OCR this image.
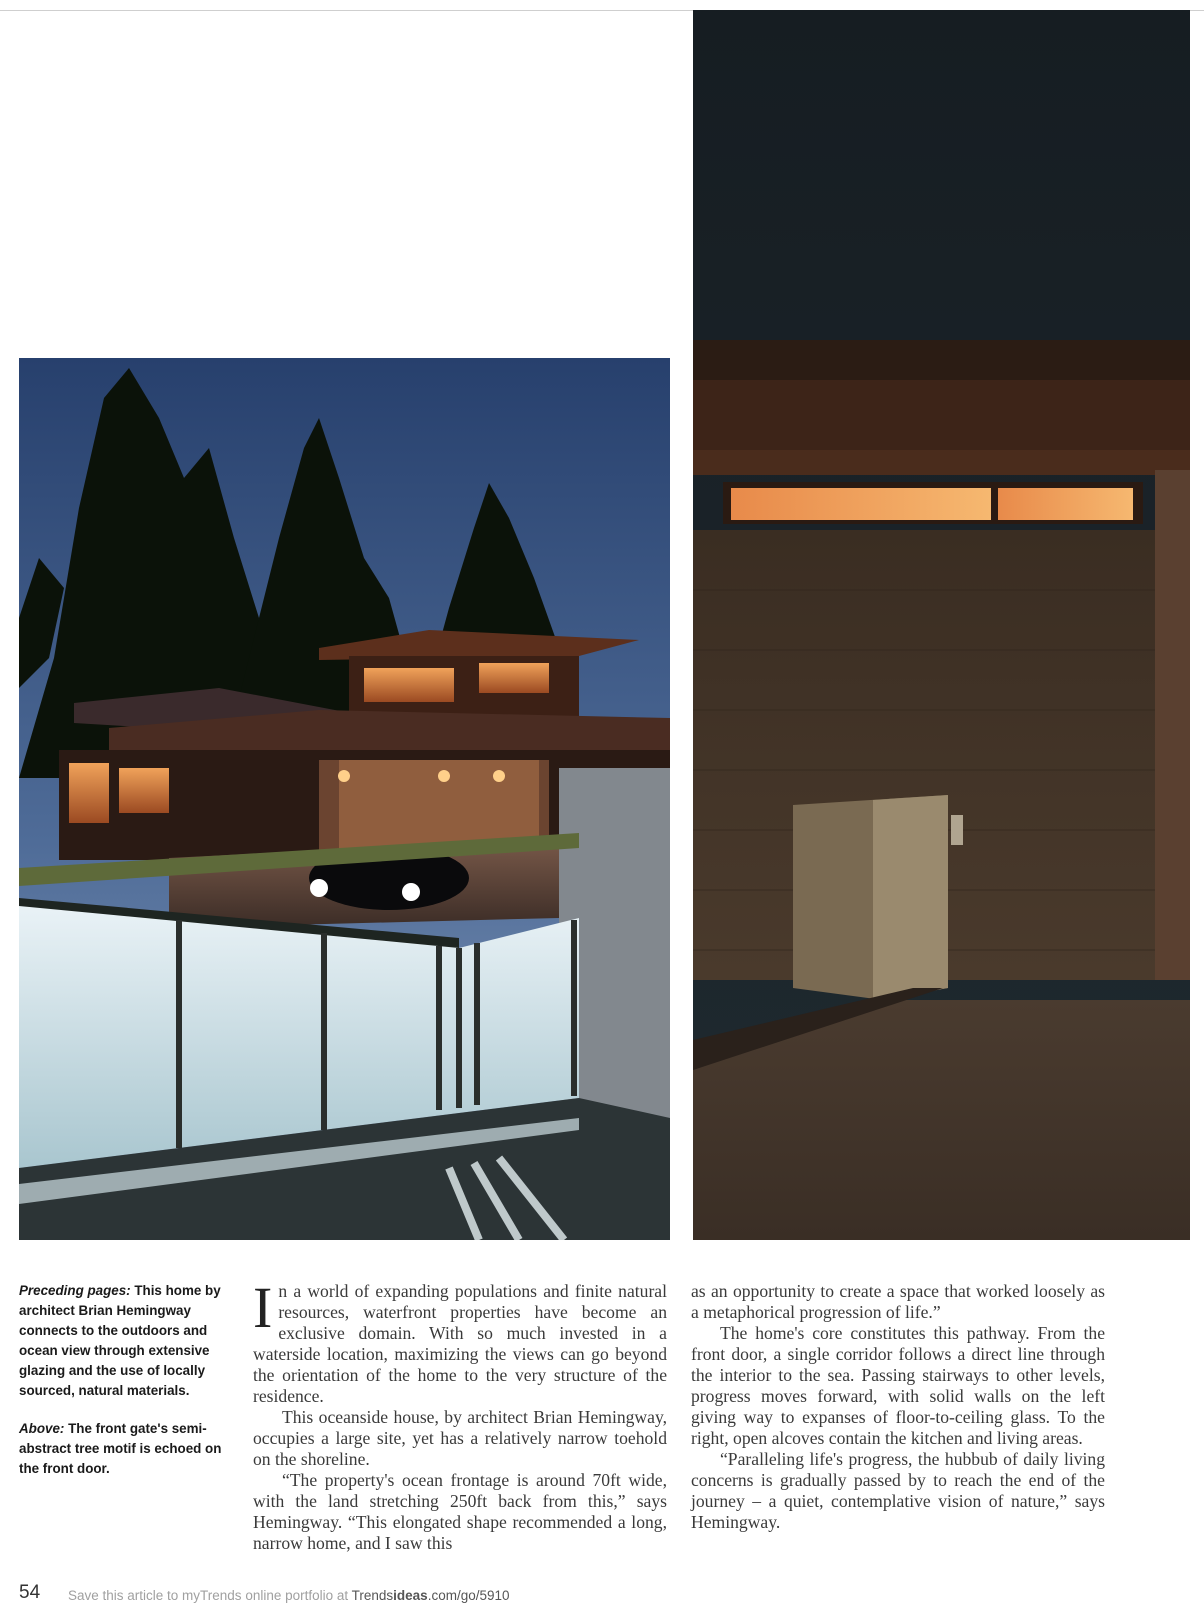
Preceding pages: This home by architect Brian Hemingway connects to the outdoors and ocean view through extensive glazing and the use of locally sourced, natural materials.

Above: The front gate's semi-abstract tree motif is echoed on the front door.

In a world of expanding populations and finite natural resources, waterfront properties have become an exclusive domain. With so much invested in a waterside location, maximizing the views can go beyond the orientation of the home to the very structure of the residence.

This oceanside house, by architect Brian Hemingway, occupies a large site, yet has a relatively narrow toehold on the shoreline.

“The property's ocean frontage is around 70ft wide, with the land stretching 250ft back from this,” says Hemingway. “This elongated shape recommended a long, narrow home, and I saw this

as an opportunity to create a space that worked loosely as a metaphorical progression of life.”

The home's core constitutes this pathway. From the front door, a single corridor follows a direct line through the interior to the sea. Passing stairways to other levels, progress moves forward, with solid walls on the left giving way to expanses of floor-to-ceiling glass. To the right, open alcoves contain the kitchen and living areas.

“Paralleling life's progress, the hubbub of daily living concerns is gradually passed by to reach the end of the journey – a quiet, contemplative vision of nature,” says Hemingway.

54 Save this article to myTrends online portfolio at Trendsideas.com/go/5910
